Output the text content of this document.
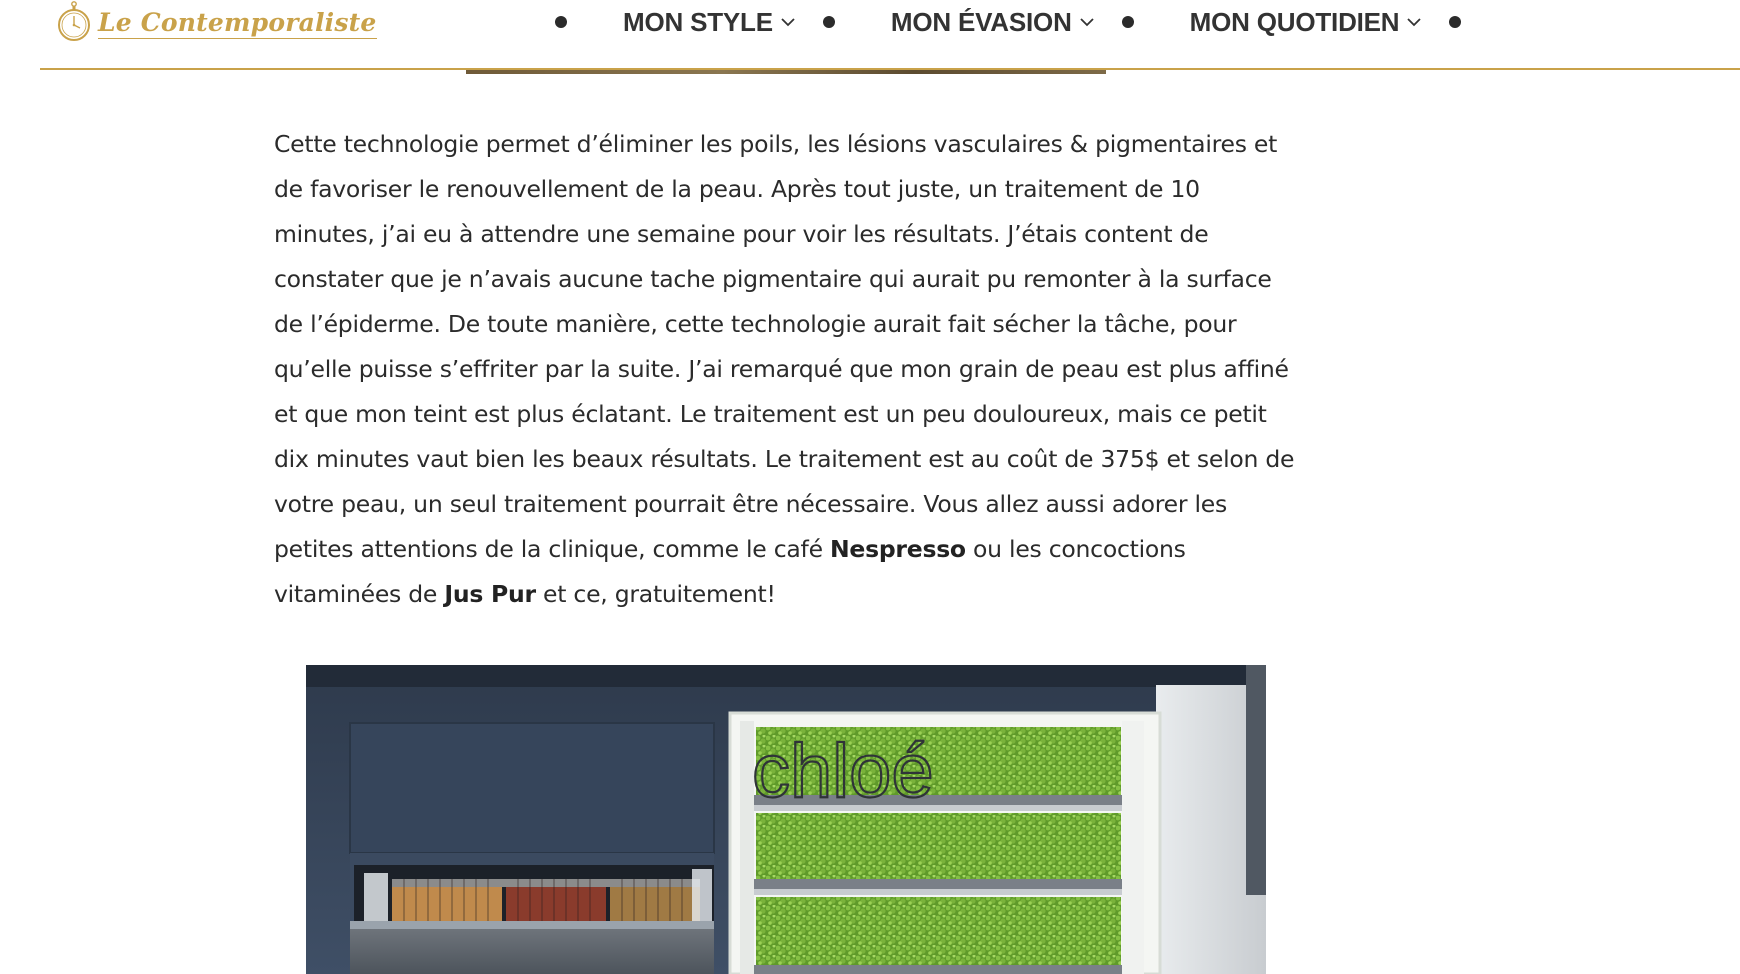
Le Contemporaliste	MON STYLE	MON ÉVASION	MON QUOTIDIEN

Cette technologie permet d’éliminer les poils, les lésions vasculaires & pigmentaires et de favoriser le renouvellement de la peau. Après tout juste, un traitement de 10 minutes, j’ai eu à attendre une semaine pour voir les résultats. J’étais content de constater que je n’avais aucune tache pigmentaire qui aurait pu remonter à la surface de l’épiderme. De toute manière, cette technologie aurait fait sécher la tâche, pour qu’elle puisse s’effriter par la suite. J’ai remarqué que mon grain de peau est plus affiné et que mon teint est plus éclatant. Le traitement est un peu douloureux, mais ce petit dix minutes vaut bien les beaux résultats. Le traitement est au coût de 375$ et selon de votre peau, un seul traitement pourrait être nécessaire. Vous allez aussi adorer les petites attentions de la clinique, comme le café Nespresso ou les concoctions vitaminées de Jus Pur et ce, gratuitement!

chloé
